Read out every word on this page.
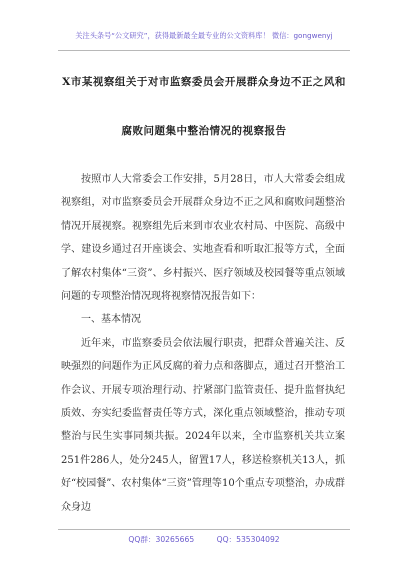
关注头条号“公文研究”，获得最新最全最专业的公文资料库！ 微信：gongwenyj
X市某视察组关于对市监察委员会开展群众身边不正之风和
腐败问题集中整治情况的视察报告

按照市人大常委会工作安排，5月28日，市人大常委会组成视察组，对市监察委员会开展群众身边不正之风和腐败问题整治情况开展视察。视察组先后来到市农业农村局、中医院、高级中学、建设乡通过召开座谈会、实地查看和听取汇报等方式，全面了解农村集体“三资”、乡村振兴、医疗领域及校园餐等重点领域问题的专项整治情况现将视察情况报告如下：

一、基本情况

近年来，市监察委员会依法履行职责，把群众普遍关注、反映强烈的问题作为正风反腐的着力点和落脚点，通过召开整治工作会议、开展专项治理行动、拧紧部门监管责任、提升监督执纪质效、夯实纪委监督责任等方式，深化重点领域整治，推动专项整治与民生实事同频共振。2024年以来，全市监察机关共立案251件286人，处分245人，留置17人，移送检察机关13人，抓好“校园餐”、农村集体“三资”管理等10个重点专项整治，办成群众身边

QQ群：30265665	QQ：535304092
